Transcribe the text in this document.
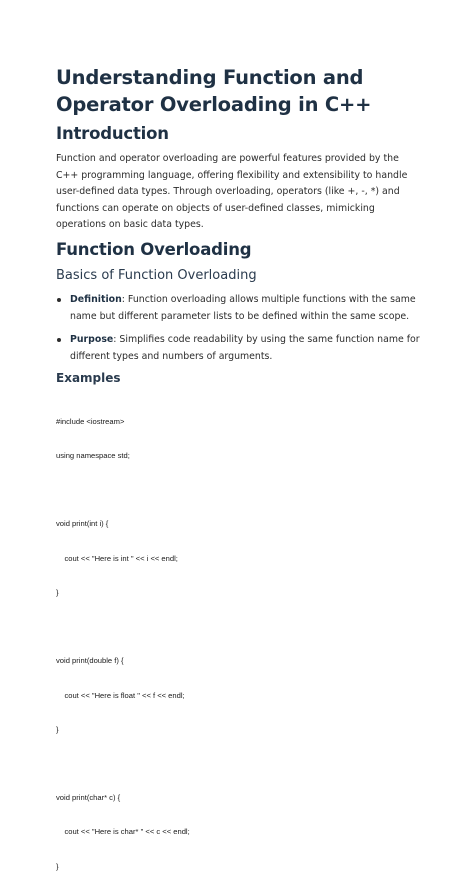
Understanding Function and Operator Overloading in C++
Introduction

Function and operator overloading are powerful features provided by the C++ programming language, offering flexibility and extensibility to handle user-defined data types. Through overloading, operators (like +, -, *) and functions can operate on objects of user-defined classes, mimicking operations on basic data types.

Function Overloading
Basics of Function Overloading
Definition: Function overloading allows multiple functions with the same name but different parameter lists to be defined within the same scope.
Purpose: Simplifies code readability by using the same function name for different types and numbers of arguments.
Examples

#include <iostream>

using namespace std;

void print(int i) {

cout << "Here is int " << i << endl;

}

void print(double f) {

cout << "Here is float " << f << endl;

}

void print(char* c) {

cout << "Here is char* " << c << endl;

}
